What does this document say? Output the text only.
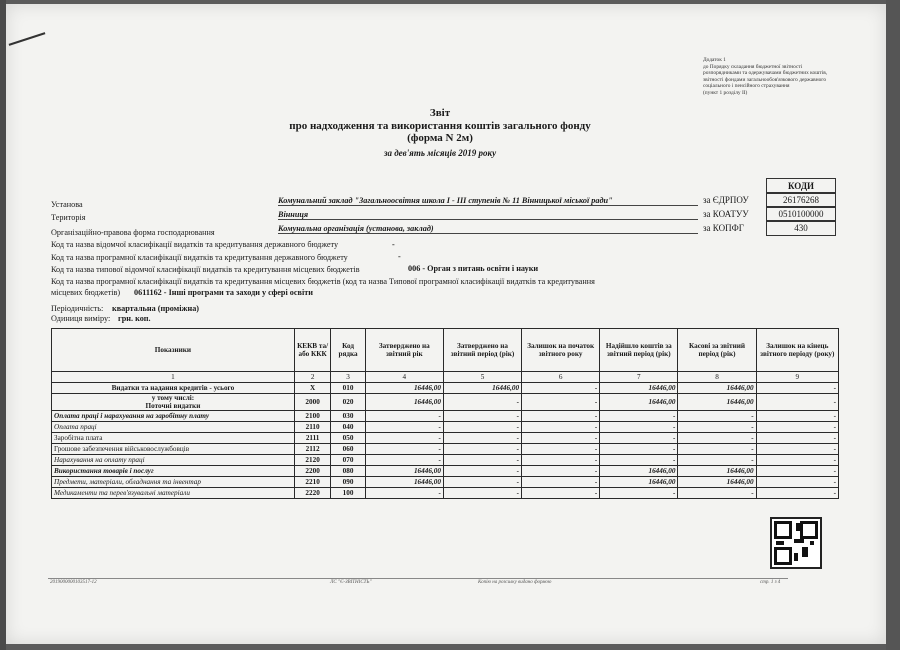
Додаток 1
до Порядку складання бюджетної звітності розпорядниками та одержувачами бюджетних коштів, звітності фондами загальнообов'язкового державного соціального і пенсійного страхування
(пункт 1 розділу II)
Звіт
про надходження та використання коштів загального фонду
(форма N 2м)
за дев'ять місяців 2019 року
КОДИ
за ЄДРПОУ	26176268
за КОАТУУ	0510100000
за КОПФГ	430
Установа	Комунальний заклад "Загальноосвітня школа I - III ступенів № 11 Вінницької міської ради"
Територія	Вінниця
Організаційно-правова форма господарювання	Комунальна організація (установа, заклад)
Код та назва відомчої класифікації видатків та кредитування державного бюджету	-
Код та назва програмної класифікації видатків та кредитування державного бюджету	-
Код та назва типової відомчої класифікації видатків та кредитування місцевих бюджетів	006 - Орган з питань освіти і науки
Код та назва програмної класифікації видатків та кредитування місцевих бюджетів (код та назва Типової програмної класифікації видатків та кредитування
місцевих бюджетів) 0611162 - Інші програми та заходи у сфері освіти
Періодичність: квартальна (проміжна)
Одиниця виміру: грн. коп.
Показники	КЕКВ та/або ККК	Код рядка	Затверджено на звітний рік	Затверджено на звітний період (рік)	Залишок на початок звітного року	Надійшло коштів за звітний період (рік)	Касові за звітний період (рік)	Залишок на кінець звітного періоду (року)
1	2	3	4	5	6	7	8	9
Видатки та надання кредитів - усього	X	010	16446,00	16446,00	-	16446,00	16446,00	-
у тому числі:
Поточні видатки	2000	020	16446,00	-	-	16446,00	16446,00	-
Оплата праці і нарахування на заробітну плату	2100	030	-	-	-	-	-	-
Оплата праці	2110	040	-	-	-	-	-	-
Заробітна плата	2111	050	-	-	-	-	-	-
Грошове забезпечення військовослужбовців	2112	060	-	-	-	-	-	-
Нарахування на оплату праці	2120	070	-	-	-	-	-	-
Використання товарів і послуг	2200	080	16446,00	-	-	16446,00	16446,00	-
Предмети, матеріали, обладнання та інвентар	2210	090	16446,00	-	-	16446,00	16446,00	-
Медикаменти та перев'язувальні матеріали	2220	100	-	-	-	-	-	-
2019000000103517-12	ЛС "Є-ЗВІТНІСТЬ"	Копію на розсилку видано формою	стр. 1 з 4
